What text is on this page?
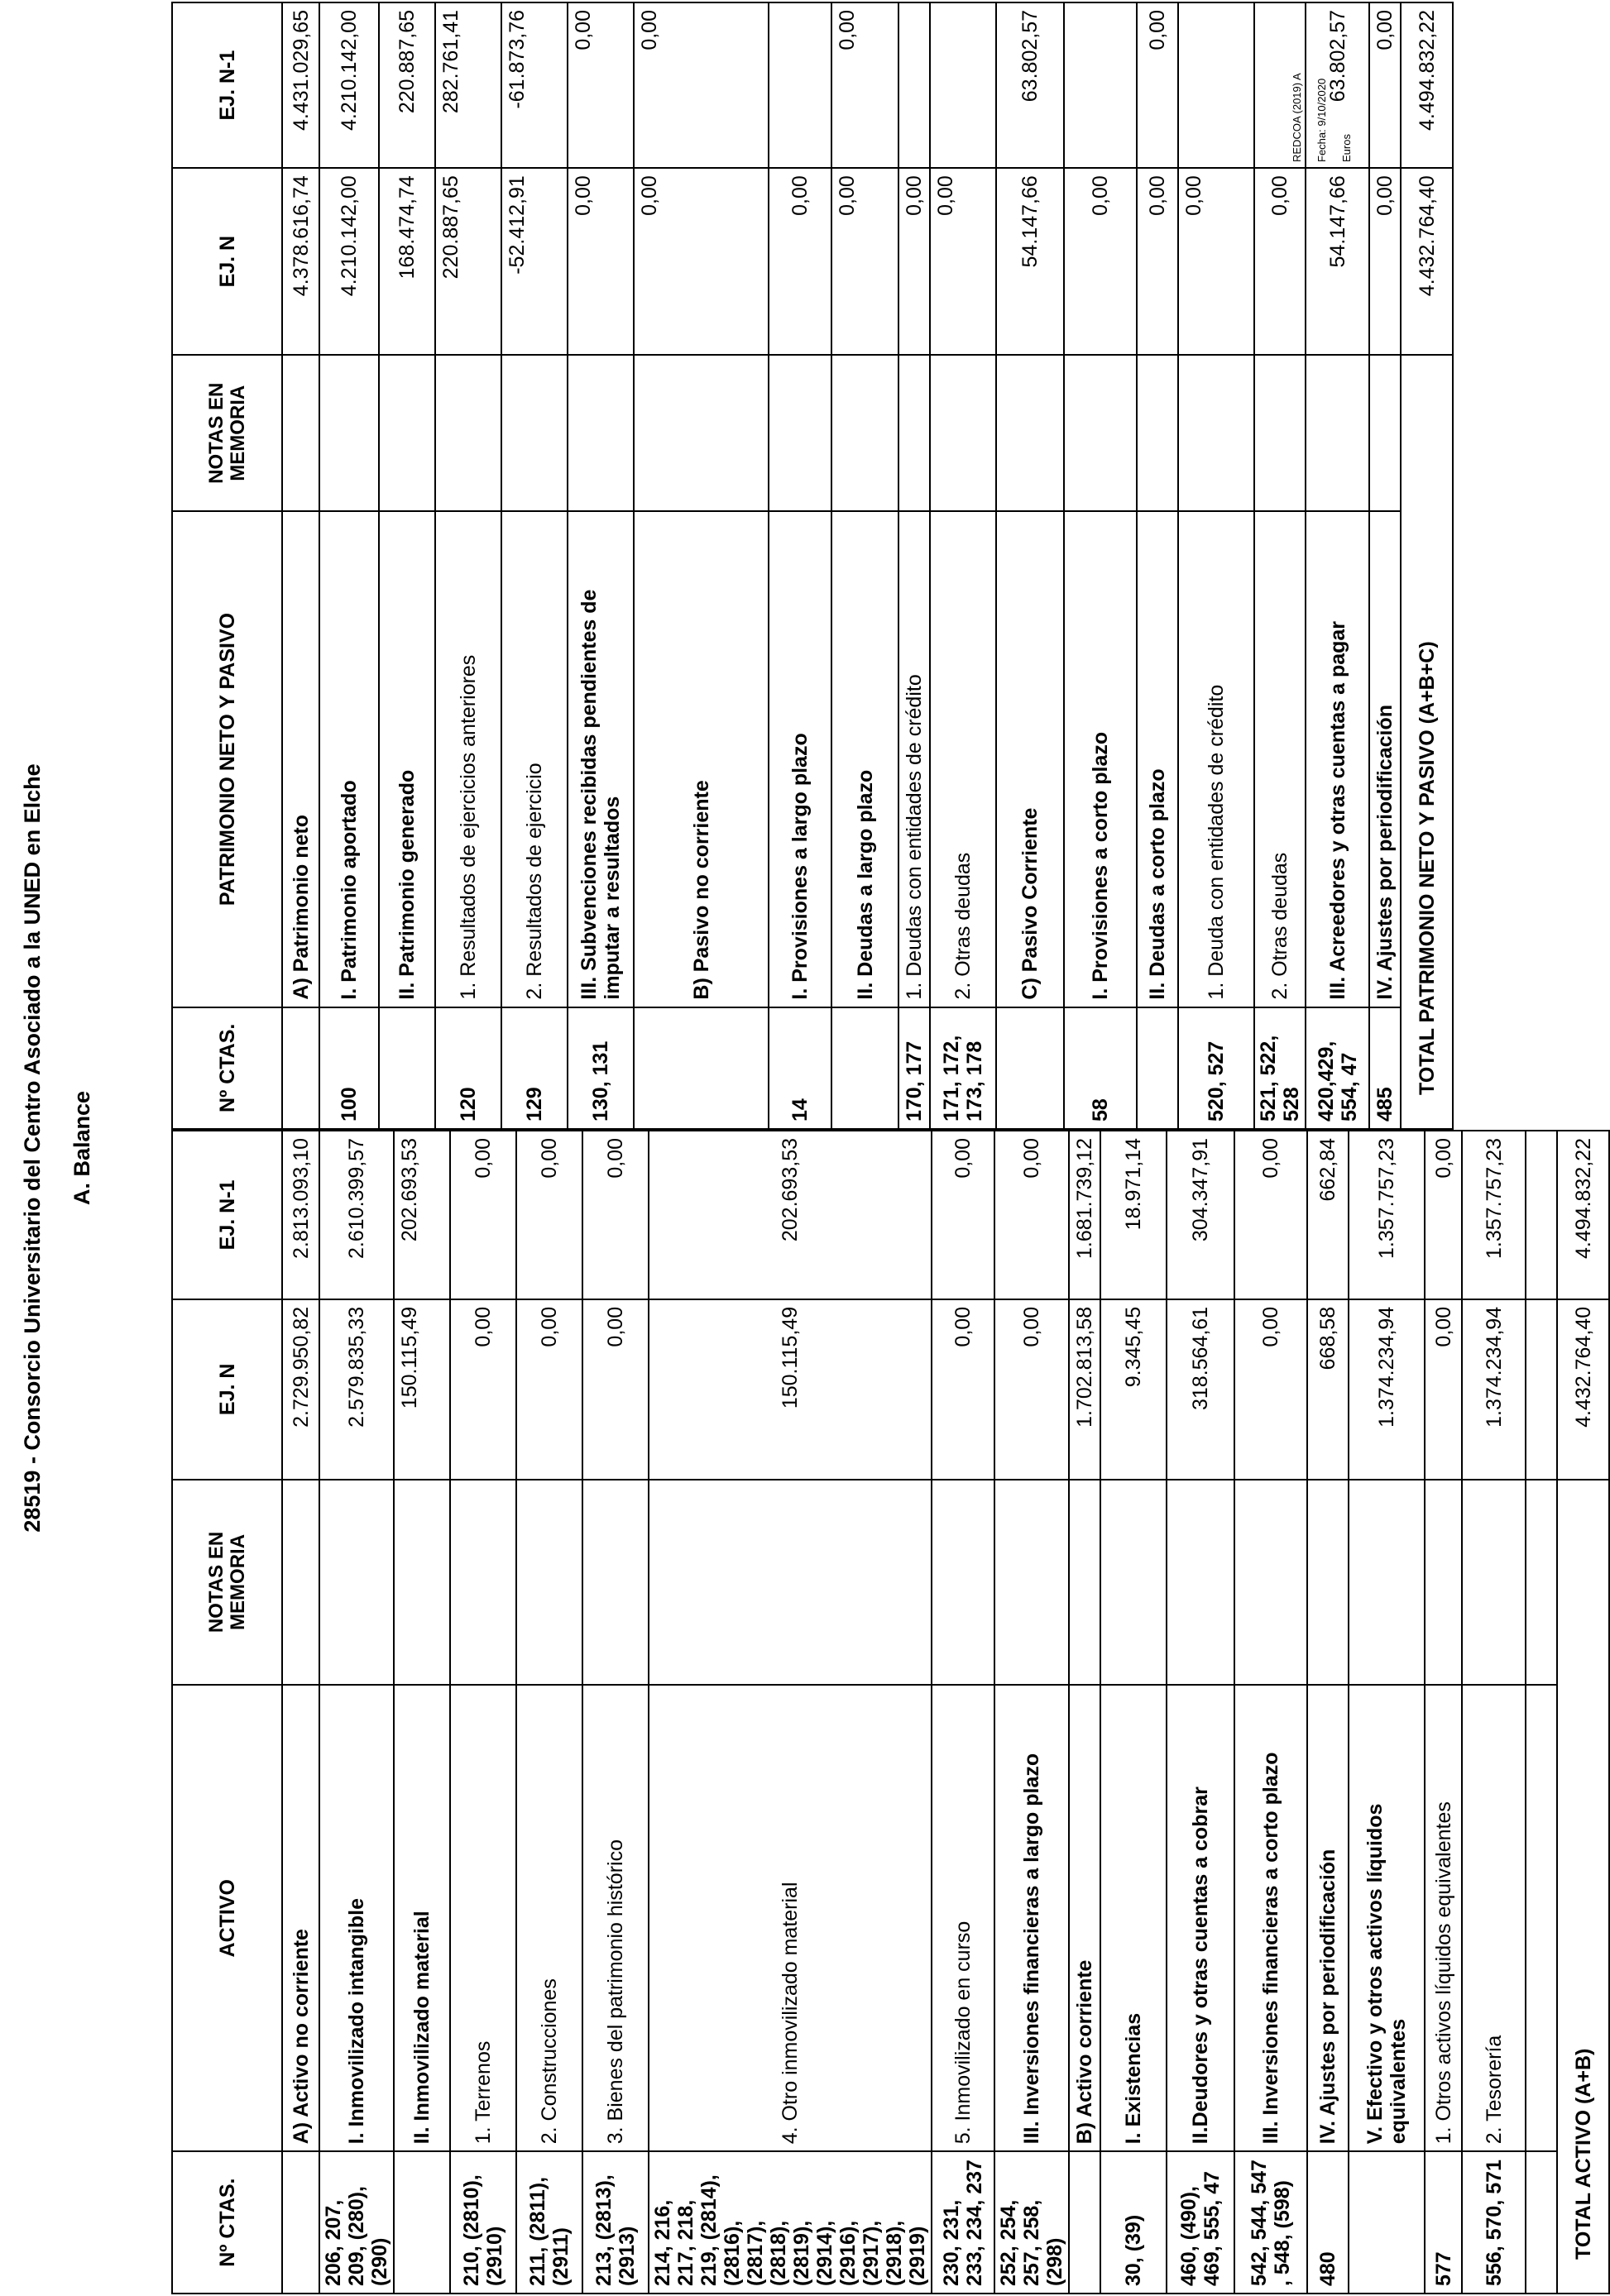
28519 - Consorcio Universitario del Centro Asociado a la UNED en Elche A. Balance
REDCOA (2019) A Fecha: 9/10/2020 Euros
Nº CTAS.	ACTIVO	NOTAS EN MEMORIA	EJ. N	EJ. N-1
	A) Activo no corriente		2.729.950,82	2.813.093,10
206, 207, 209, (280), (290)	I. Inmovilizado intangible		2.579.835,33	2.610.399,57
	II. Inmovilizado material		150.115,49	202.693,53
210, (2810), (2910)	1. Terrenos		0,00	0,00
211, (2811), (2911)	2. Construcciones		0,00	0,00
213, (2813), (2913)	3. Bienes del patrimonio histórico		0,00	0,00
214, 216, 217, 218, 219, (2814), (2816), (2817), (2818), (2819), (2914), (2916), (2917), (2918), (2919)	4. Otro inmovilizado material		150.115,49	202.693,53
230, 231, 233, 234, 237	5. Inmovilizado en curso		0,00	0,00
252, 254, 257, 258, (298)	III. Inversiones financieras a largo plazo		0,00	0,00
	B) Activo corriente		1.702.813,58	1.681.739,12
30, (39)	I. Existencias		9.345,45	18.971,14
460, (490), 469, 555, 47	II.Deudores y otras cuentas a cobrar		318.564,61	304.347,91
542, 544, 547 , 548, (598)	III. Inversiones financieras a corto plazo		0,00	0,00
480	IV. Ajustes por periodificación		668,58	662,84
	V. Efectivo y otros activos líquidos equivalentes		1.374.234,94	1.357.757,23
577	1. Otros activos líquidos equivalentes		0,00	0,00
556, 570, 571	2. Tesorería		1.374.234,94	1.357.757,23

TOTAL ACTIVO (A+B)			4.432.764,40	4.494.832,22
Nº CTAS.	PATRIMONIO NETO Y PASIVO	NOTAS EN MEMORIA	EJ. N	EJ. N-1
	A) Patrimonio neto		4.378.616,74	4.431.029,65
100	I. Patrimonio aportado		4.210.142,00	4.210.142,00
	II. Patrimonio generado		168.474,74	220.887,65
120	1. Resultados de ejercicios anteriores		220.887,65	282.761,41
129	2. Resultados de ejercicio		-52.412,91	-61.873,76
130, 131	III. Subvenciones recibidas pendientes de imputar a resultados		0,00	0,00
	B) Pasivo no corriente		0,00	0,00
14	I. Provisiones a largo plazo		0,00	
	II. Deudas a largo plazo		0,00	0,00
170, 177	1. Deudas con entidades de crédito		0,00	
171, 172, 173, 178	2. Otras deudas		0,00	
	C) Pasivo Corriente		54.147,66	63.802,57
58	I. Provisiones a corto plazo		0,00	
	II. Deudas a corto plazo		0,00	0,00
520, 527	1. Deuda con entidades de crédito		0,00	
521, 522, 528	2. Otras deudas		0,00	
420,429, 554, 47	III. Acreedores y otras cuentas a pagar		54.147,66	63.802,57
485	IV. Ajustes por periodificación		0,00	0,00
TOTAL PATRIMONIO NETO Y PASIVO (A+B+C)			4.432.764,40	4.494.832,22
